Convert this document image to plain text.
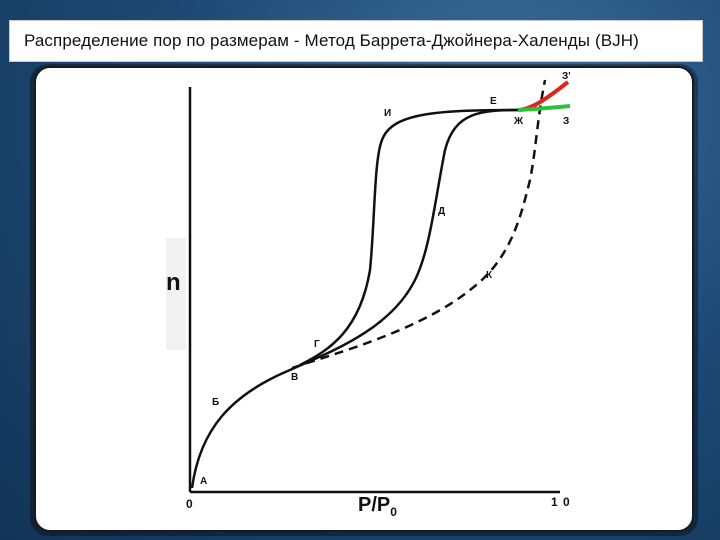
Распределение пор по размерам - Метод Баррета-Джойнера-Халенды (BJH)
А
Б
В
Г
Д
К
И
Е
Ж	З
З'
n
0	$P/P_0$
1 0
